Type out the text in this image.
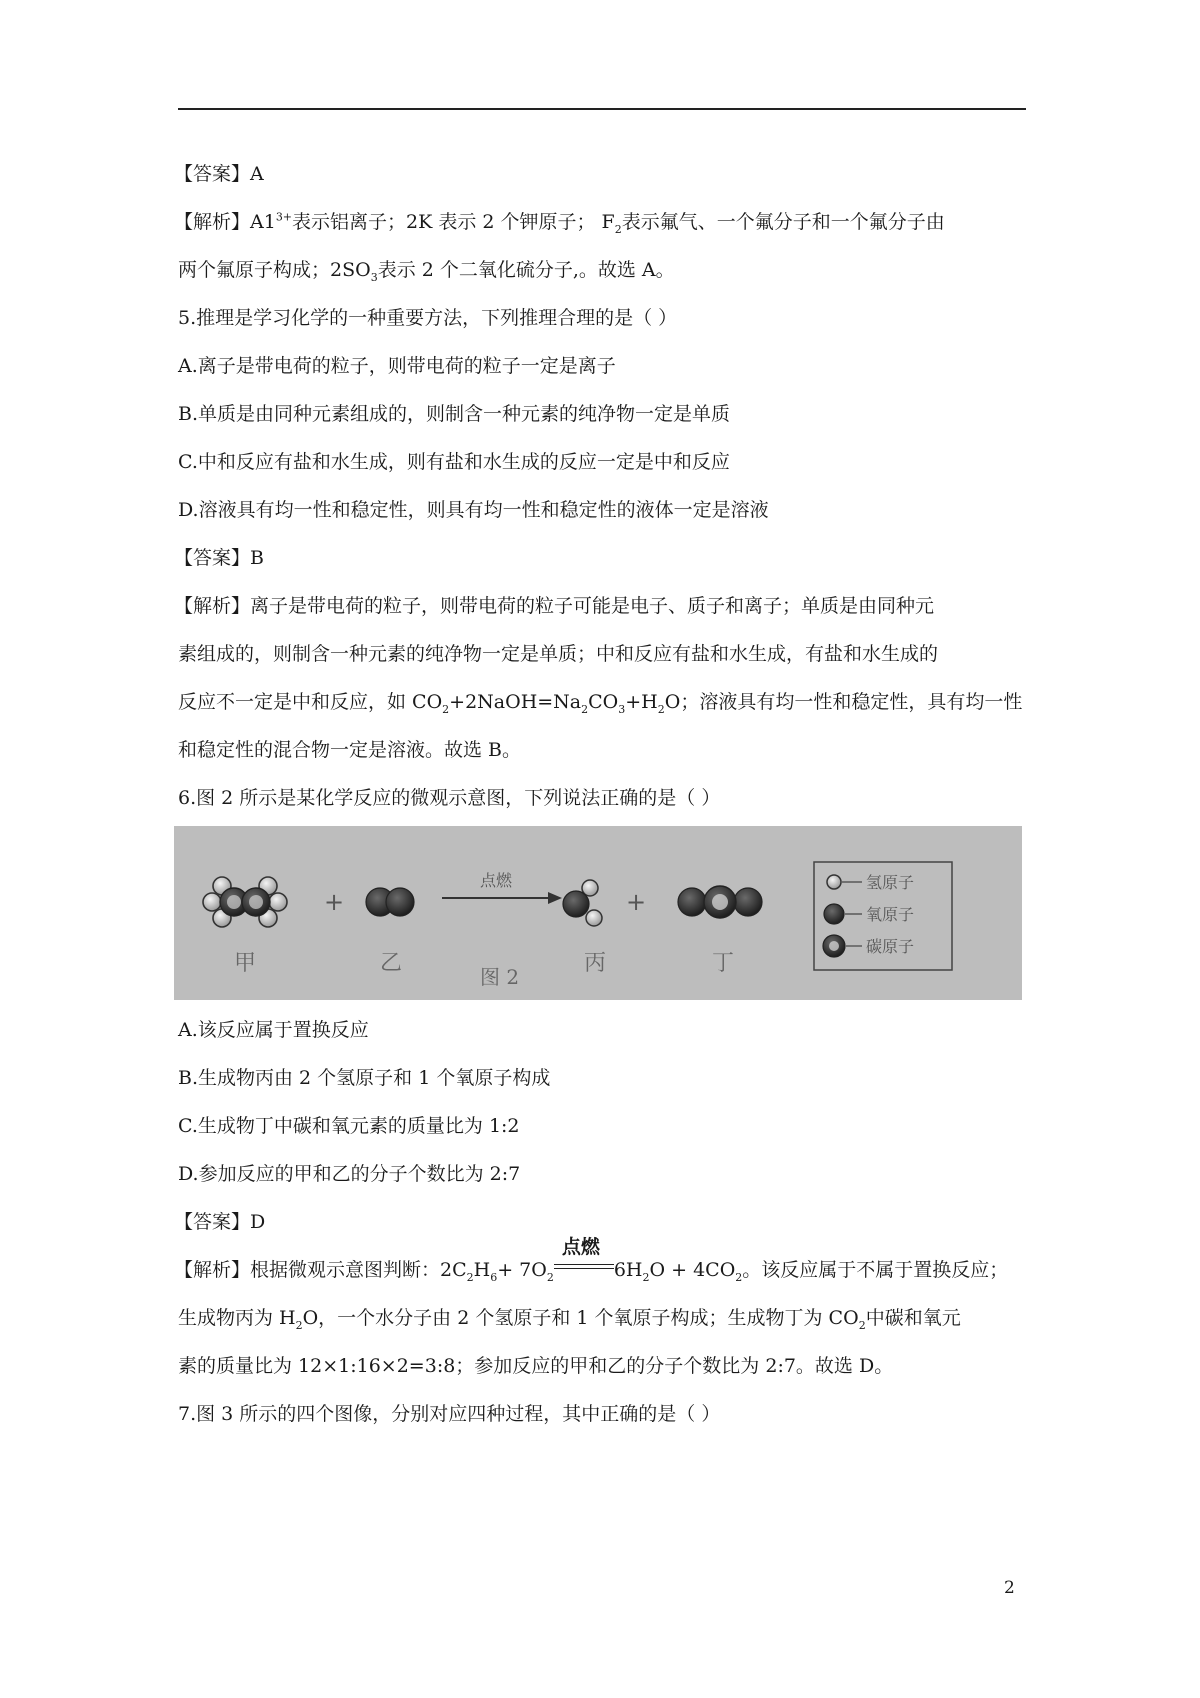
【答案】A
【解析】$A1^{3+}$表示铝离子；2K 表示 2 个钾原子； $F_2$表示氟气、一个氟分子和一个氟分子由
两个氟原子构成；$2SO_3$表示 2 个二氧化硫分子,。故选 A。
5.推理是学习化学的一种重要方法，下列推理合理的是（ ）
A.离子是带电荷的粒子，则带电荷的粒子一定是离子
B.单质是由同种元素组成的，则制含一种元素的纯净物一定是单质
C.中和反应有盐和水生成，则有盐和水生成的反应一定是中和反应
D.溶液具有均一性和稳定性，则具有均一性和稳定性的液体一定是溶液
【答案】B
【解析】离子是带电荷的粒子，则带电荷的粒子可能是电子、质子和离子；单质是由同种元
素组成的，则制含一种元素的纯净物一定是单质；中和反应有盐和水生成，有盐和水生成的
反应不一定是中和反应，如 $CO_2+2NaOH=Na_2CO_3+H_2O$；溶液具有均一性和稳定性，具有均一性
和稳定性的混合物一定是溶液。故选 B。
6.图 2 所示是某化学反应的微观示意图，下列说法正确的是（ ）
+
点燃
+
氢原子
氧原子
碳原子
甲	乙
图 2
丙	丁
A.该反应属于置换反应
B.生成物丙由 2 个氢原子和 1 个氧原子构成
C.生成物丁中碳和氧元素的质量比为 1:2
D.参加反应的甲和乙的分子个数比为 2:7
【答案】D
【解析】根据微观示意图判断：$2C_2H_6+ 7O_2$
点燃
$6H_2O + 4CO_2$。该反应属于不属于置换反应；
生成物丙为 $H_2O$，一个水分子由 2 个氢原子和 1 个氧原子构成；生成物丁为 $CO_2$中碳和氧元
素的质量比为 12×1:16×2=3:8；参加反应的甲和乙的分子个数比为 2:7。故选 D。
7.图 3 所示的四个图像，分别对应四种过程，其中正确的是（ ）
2
